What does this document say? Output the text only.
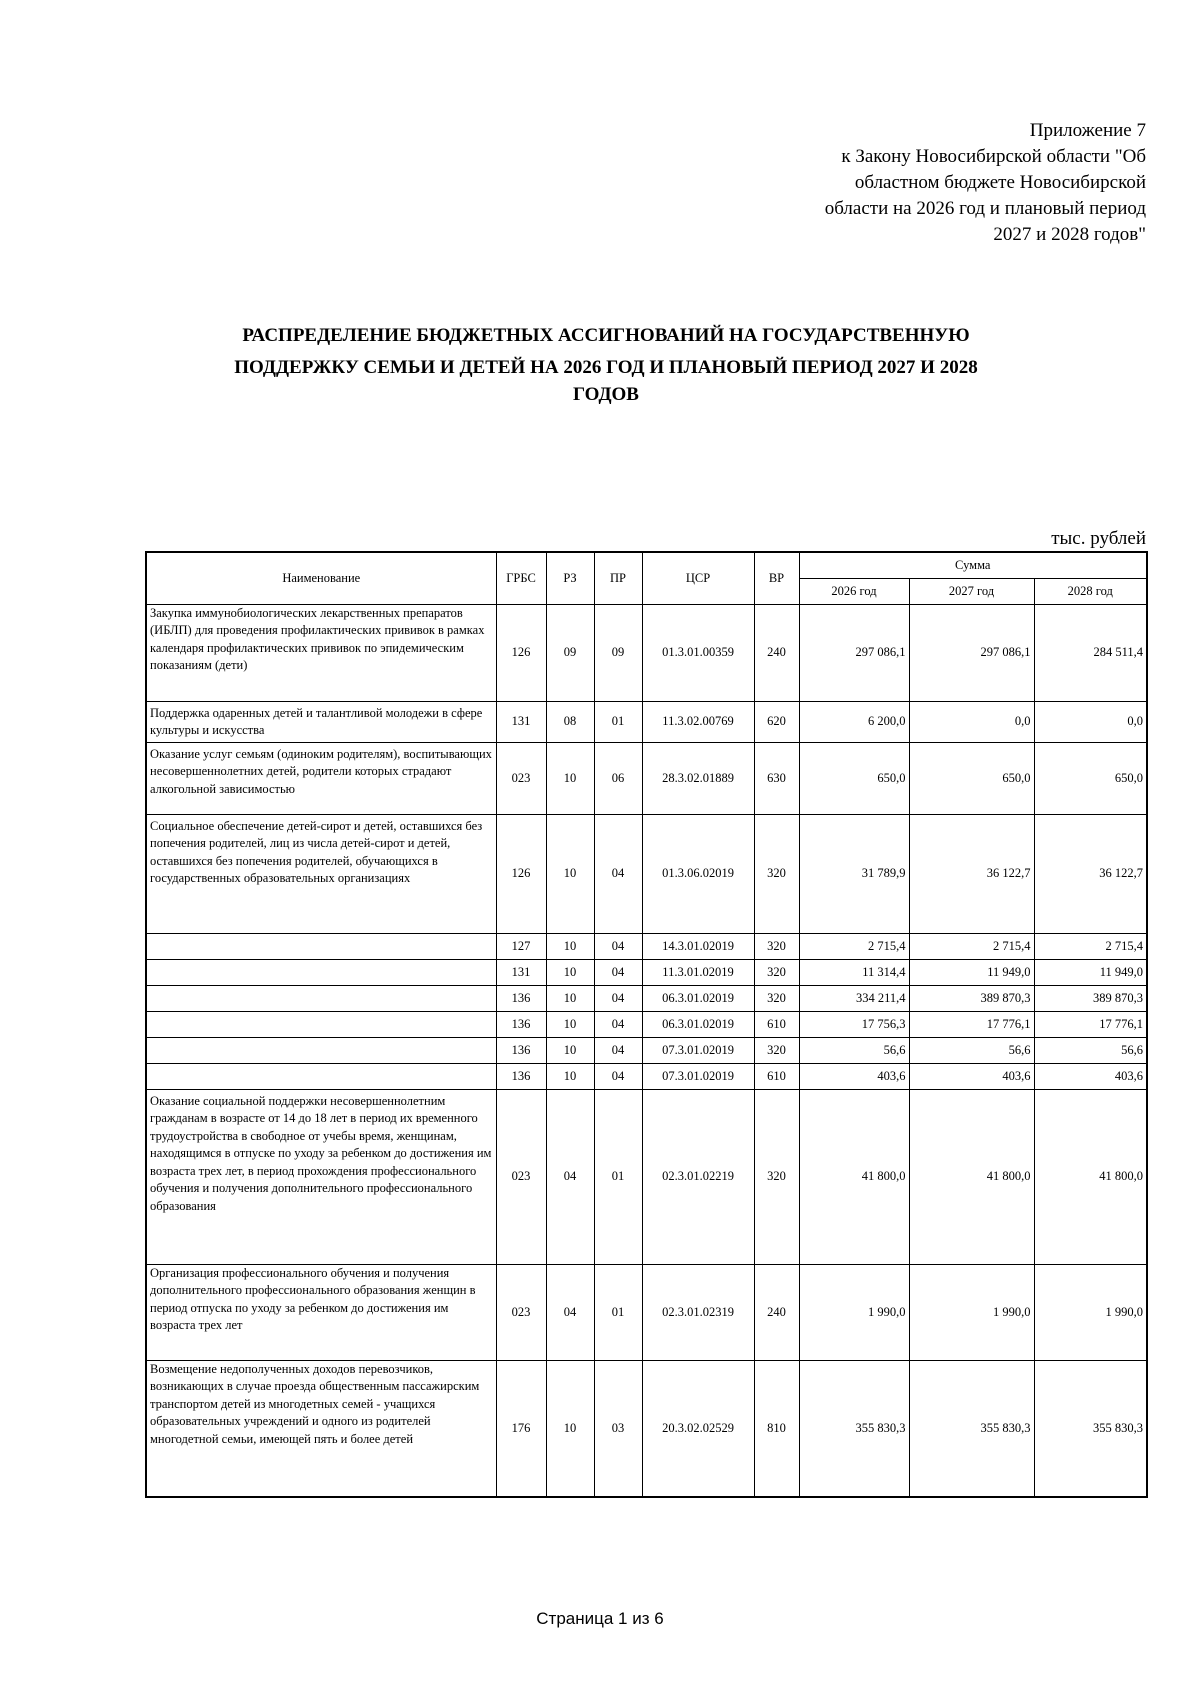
Приложение 7
к Закону Новосибирской области "Об
областном бюджете Новосибирской
области на 2026 год и плановый период
2027 и 2028 годов"
РАСПРЕДЕЛЕНИЕ БЮДЖЕТНЫХ АССИГНОВАНИЙ НА ГОСУДАРСТВЕННУЮ
ПОДДЕРЖКУ СЕМЬИ И ДЕТЕЙ НА 2026 ГОД И ПЛАНОВЫЙ ПЕРИОД 2027 И 2028
ГОДОВ
тыс. рублей
Наименование	ГРБС	РЗ	ПР	ЦСР	ВР	Сумма		
						2026 год	2027 год	2028 год
Закупка иммунобиологических лекарственных препаратов (ИБЛП) для проведения профилактических прививок в рамках календаря профилактических прививок по эпидемическим показаниям (дети)	126	09	09	01.3.01.00359	240	297 086,1	297 086,1	284 511,4
Поддержка одаренных детей и талантливой молодежи в сфере культуры и искусства	131	08	01	11.3.02.00769	620	6 200,0	0,0	0,0
Оказание услуг семьям (одиноким родителям), воспитывающих несовершеннолетних детей, родители которых страдают алкогольной зависимостью	023	10	06	28.3.02.01889	630	650,0	650,0	650,0
Социальное обеспечение детей-сирот и детей, оставшихся без попечения родителей, лиц из числа детей-сирот и детей, оставшихся без попечения родителей, обучающихся в государственных образовательных организациях	126	10	04	01.3.06.02019	320	31 789,9	36 122,7	36 122,7
	127	10	04	14.3.01.02019	320	2 715,4	2 715,4	2 715,4
	131	10	04	11.3.01.02019	320	11 314,4	11 949,0	11 949,0
	136	10	04	06.3.01.02019	320	334 211,4	389 870,3	389 870,3
	136	10	04	06.3.01.02019	610	17 756,3	17 776,1	17 776,1
	136	10	04	07.3.01.02019	320	56,6	56,6	56,6
	136	10	04	07.3.01.02019	610	403,6	403,6	403,6
Оказание социальной поддержки несовершеннолетним гражданам в возрасте от 14 до 18 лет в период их временного трудоустройства в свободное от учебы время, женщинам, находящимся в отпуске по уходу за ребенком до достижения им возраста трех лет, в период прохождения профессионального обучения и получения дополнительного профессионального образования	023	04	01	02.3.01.02219	320	41 800,0	41 800,0	41 800,0
Организация профессионального обучения и получения дополнительного профессионального образования женщин в период отпуска по уходу за ребенком до достижения им возраста трех лет	023	04	01	02.3.01.02319	240	1 990,0	1 990,0	1 990,0
Возмещение недополученных доходов перевозчиков, возникающих в случае проезда общественным пассажирским транспортом детей из многодетных семей - учащихся образовательных учреждений и одного из родителей многодетной семьи, имеющей пять и более детей	176	10	03	20.3.02.02529	810	355 830,3	355 830,3	355 830,3
Страница 1 из 6
